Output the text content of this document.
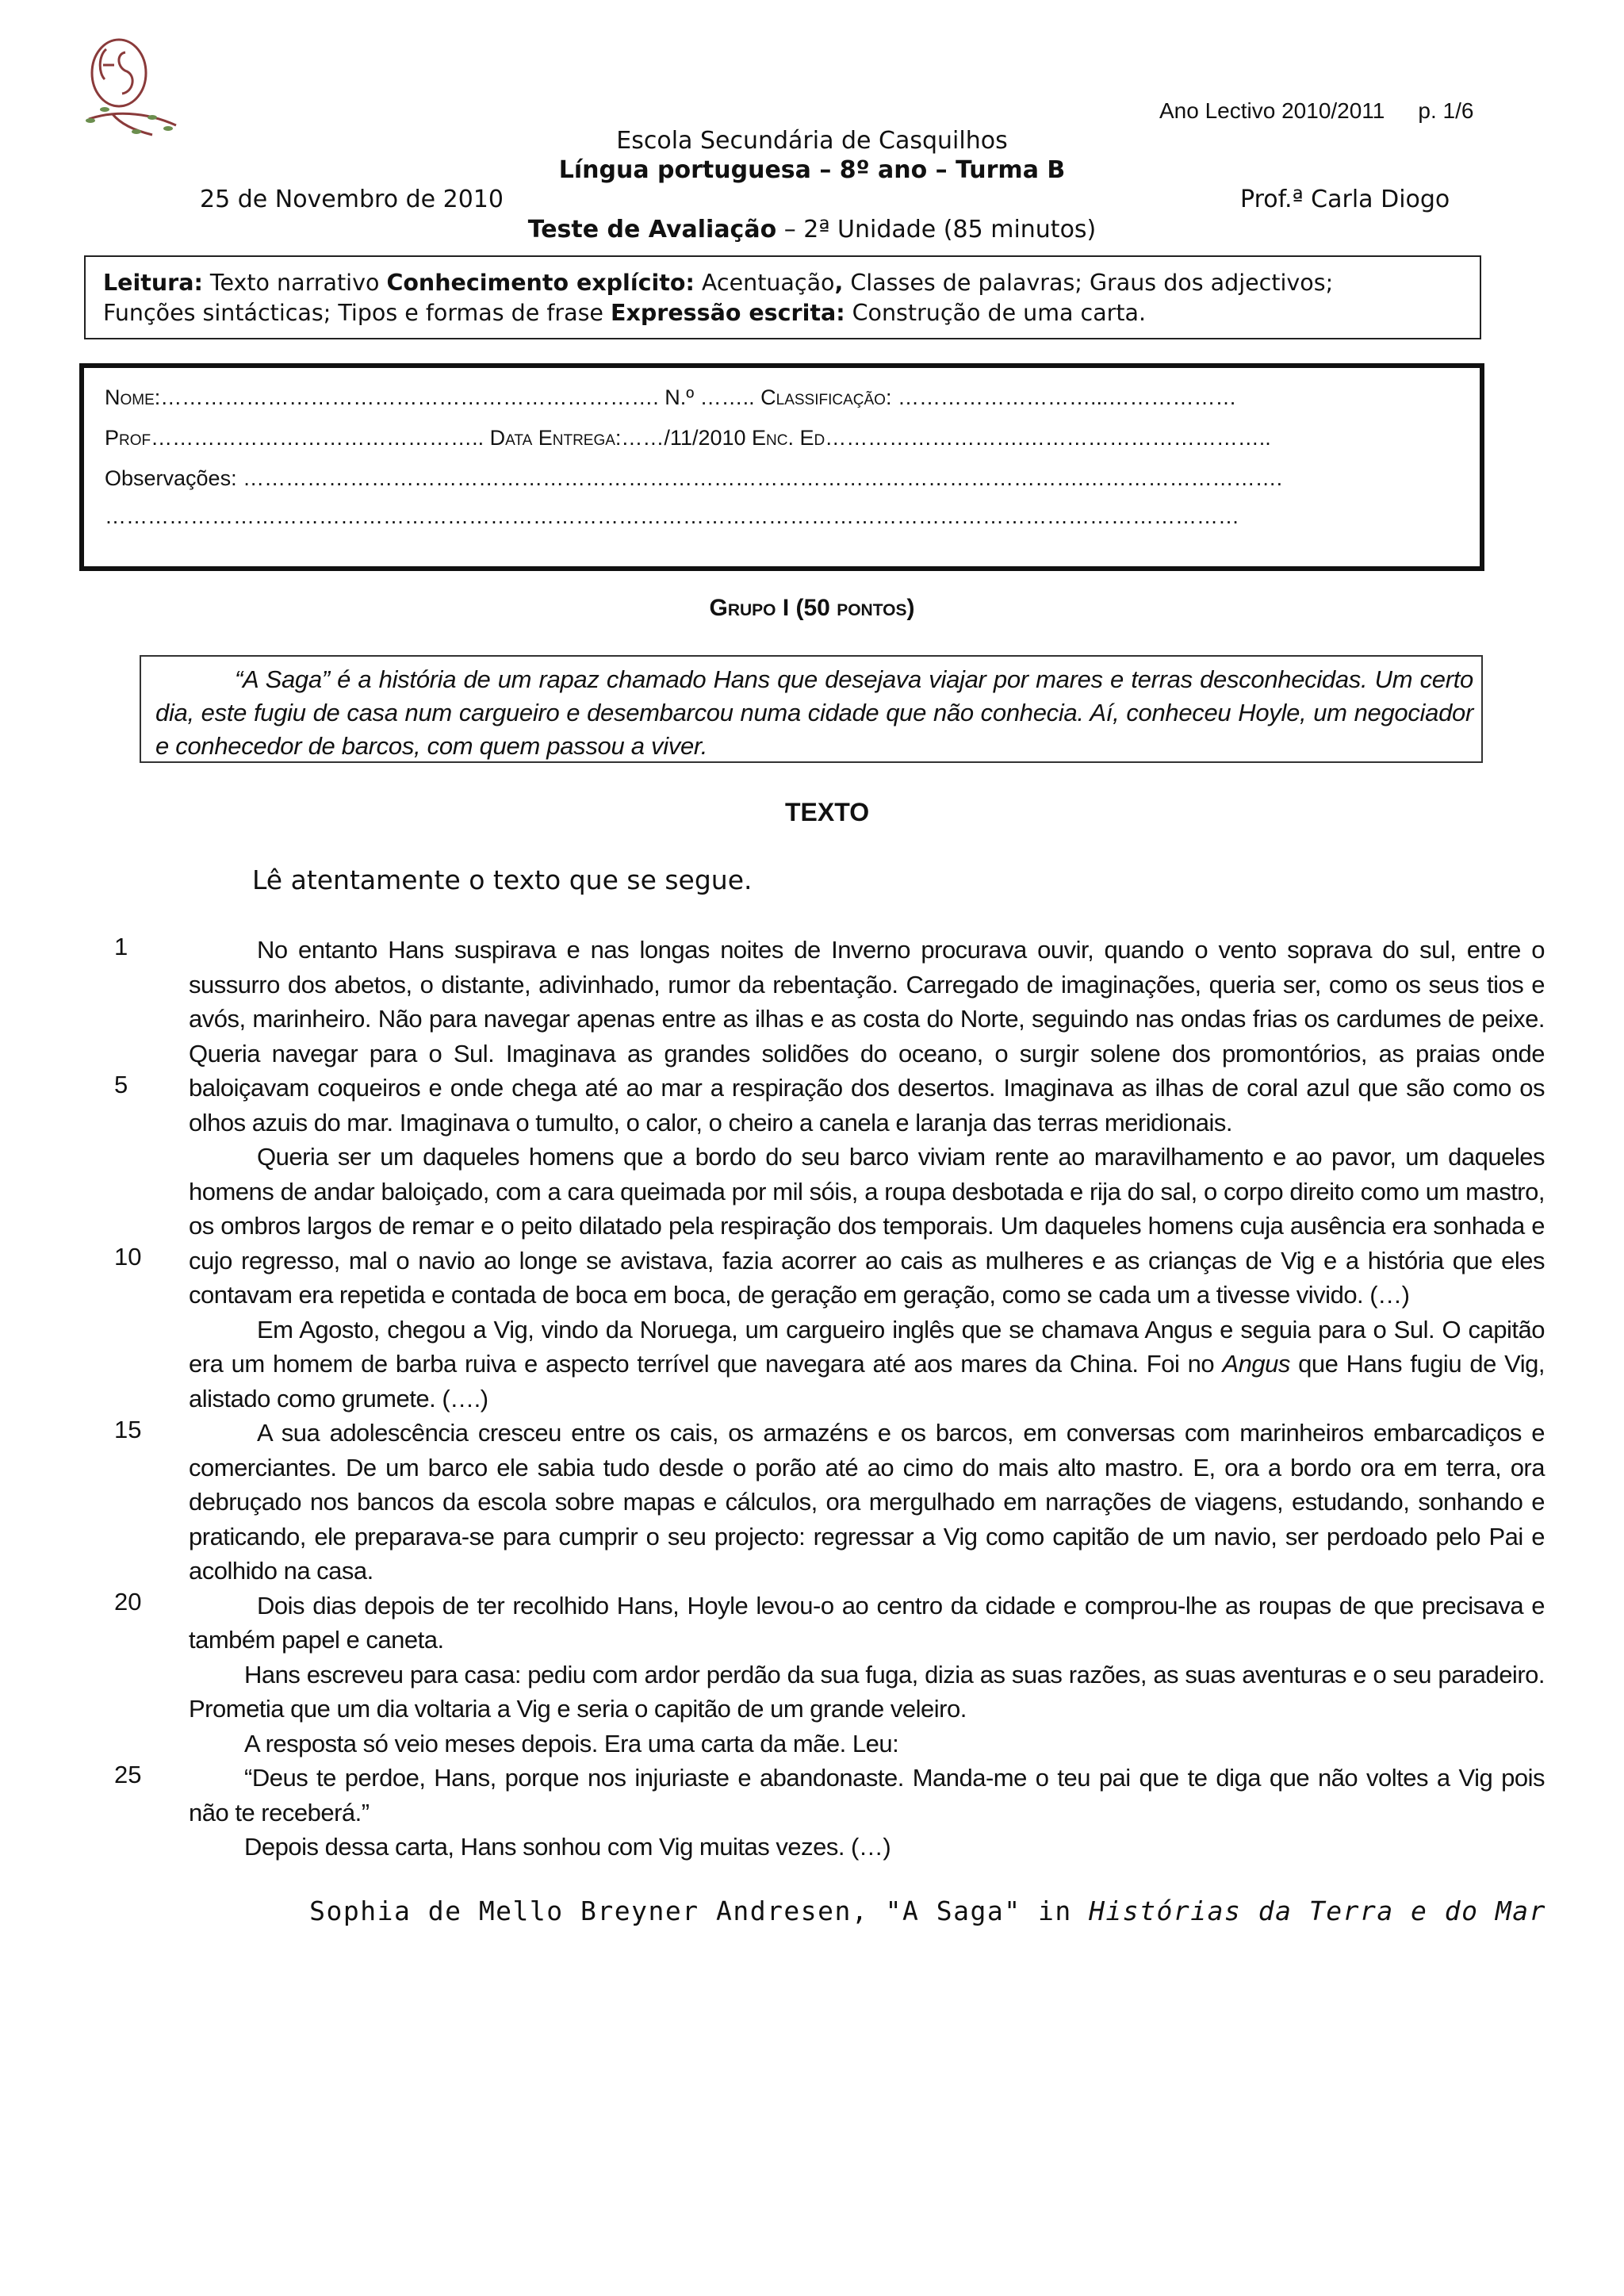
Ano Lectivo 2010/2011 p. 1/6
Escola Secundária de Casquilhos
Língua portuguesa – 8º ano – Turma B
25 de Novembro de 2010	Prof.ª Carla Diogo
Teste de Avaliação – 2ª Unidade (85 minutos)
Leitura: Texto narrativo Conhecimento explícito: Acentuação, Classes de palavras; Graus dos adjectivos;
Funções sintácticas; Tipos e formas de frase Expressão escrita: Construção de uma carta.
Nome:……………………………………………………………. N.º …….. Classificação: ………………………...………………
Prof……………………………………….. Data Entrega:……/11/2010 Enc. Ed……………………….……………………………..
Observações: ……………………………………………………………………………………………………….……………………….
……………………………………………………………………………………………………………………………………………
Grupo I (50 pontos)
“A Saga” é a história de um rapaz chamado Hans que desejava viajar por mares e terras desconhecidas. Um certo dia, este fugiu de casa num cargueiro e desembarcou numa cidade que não conhecia. Aí, conheceu Hoyle, um negociador e conhecedor de barcos, com quem passou a viver.
TEXTO
Lê atentamente o texto que se segue.
1
5
10
15
20
25

No entanto Hans suspirava e nas longas noites de Inverno procurava ouvir, quando o vento soprava do sul, entre o sussurro dos abetos, o distante, adivinhado, rumor da rebentação. Carregado de imaginações, queria ser, como os seus tios e avós, marinheiro. Não para navegar apenas entre as ilhas e as costa do Norte, seguindo nas ondas frias os cardumes de peixe. Queria navegar para o Sul. Imaginava as grandes solidões do oceano, o surgir solene dos promontórios, as praias onde baloiçavam coqueiros e onde chega até ao mar a respiração dos desertos. Imaginava as ilhas de coral azul que são como os olhos azuis do mar. Imaginava o tumulto, o calor, o cheiro a canela e laranja das terras meridionais.

Queria ser um daqueles homens que a bordo do seu barco viviam rente ao maravilhamento e ao pavor, um daqueles homens de andar baloiçado, com a cara queimada por mil sóis, a roupa desbotada e rija do sal, o corpo direito como um mastro, os ombros largos de remar e o peito dilatado pela respiração dos temporais. Um daqueles homens cuja ausência era sonhada e cujo regresso, mal o navio ao longe se avistava, fazia acorrer ao cais as mulheres e as crianças de Vig e a história que eles contavam era repetida e contada de boca em boca, de geração em geração, como se cada um a tivesse vivido. (…)

Em Agosto, chegou a Vig, vindo da Noruega, um cargueiro inglês que se chamava Angus e seguia para o Sul. O capitão era um homem de barba ruiva e aspecto terrível que navegara até aos mares da China. Foi no Angus que Hans fugiu de Vig, alistado como grumete. (….)

A sua adolescência cresceu entre os cais, os armazéns e os barcos, em conversas com marinheiros embarcadiços e comerciantes. De um barco ele sabia tudo desde o porão até ao cimo do mais alto mastro. E, ora a bordo ora em terra, ora debruçado nos bancos da escola sobre mapas e cálculos, ora mergulhado em narrações de viagens, estudando, sonhando e praticando, ele preparava-se para cumprir o seu projecto: regressar a Vig como capitão de um navio, ser perdoado pelo Pai e acolhido na casa.

Dois dias depois de ter recolhido Hans, Hoyle levou-o ao centro da cidade e comprou-lhe as roupas de que precisava e também papel e caneta.

Hans escreveu para casa: pediu com ardor perdão da sua fuga, dizia as suas razões, as suas aventuras e o seu paradeiro. Prometia que um dia voltaria a Vig e seria o capitão de um grande veleiro.

A resposta só veio meses depois. Era uma carta da mãe. Leu:

“Deus te perdoe, Hans, porque nos injuriaste e abandonaste. Manda-me o teu pai que te diga que não voltes a Vig pois não te receberá.”

Depois dessa carta, Hans sonhou com Vig muitas vezes. (…)

Sophia de Mello Breyner Andresen, "A Saga" in Histórias da Terra e do Mar
